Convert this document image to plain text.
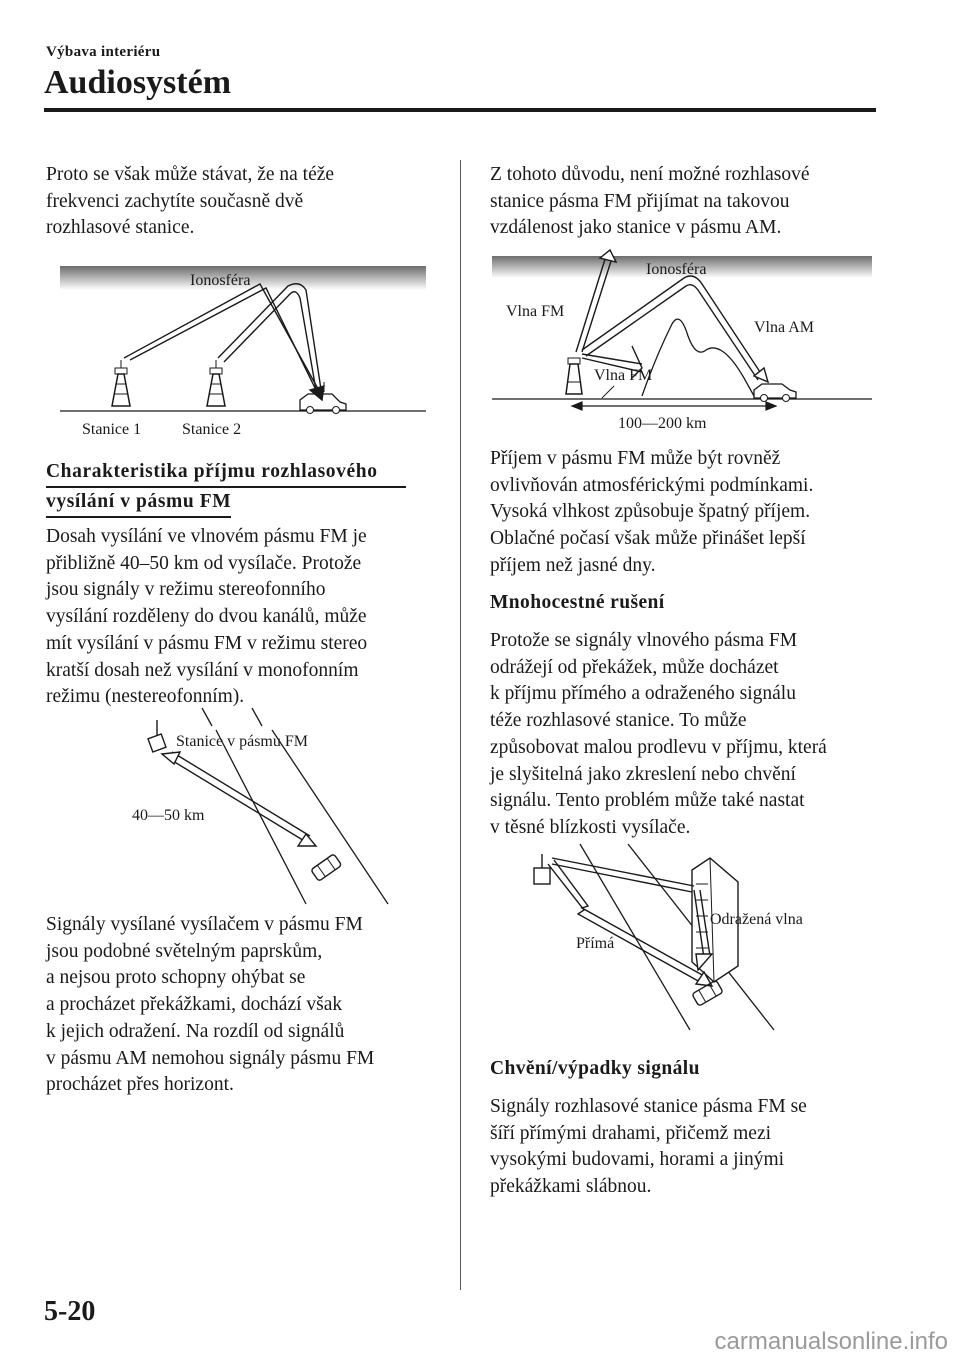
Výbava interiéru
Audiosystém

Proto se však může stávat, že na téže
frekvenci zachytíte současně dvě
rozhlasové stanice.

Ionosféra
Stanice 1	Stanice 2
Charakteristika příjmu rozhlasového
vysílání v pásmu FM

Dosah vysílání ve vlnovém pásmu FM je
přibližně 40–50 km od vysílače. Protože
jsou signály v režimu stereofonního
vysílání rozděleny do dvou kanálů, může
mít vysílání v pásmu FM v režimu stereo
kratší dosah než vysílání v monofonním
režimu (nestereofonním).

Stanice v pásmu FM
40—50 km

Signály vysílané vysílačem v pásmu FM
jsou podobné světelným paprskům,
a nejsou proto schopny ohýbat se
a procházet překážkami, dochází však
k jejich odražení. Na rozdíl od signálů
v pásmu AM nemohou signály pásmu FM
procházet přes horizont.

Z tohoto důvodu, není možné rozhlasové
stanice pásma FM přijímat na takovou
vzdálenost jako stanice v pásmu AM.

Ionosféra
Vlna FM
Vlna AM
Vlna FM
100—200 km

Příjem v pásmu FM může být rovněž
ovlivňován atmosférickými podmínkami.
Vysoká vlhkost způsobuje špatný příjem.
Oblačné počasí však může přinášet lepší
příjem než jasné dny.

Mnohocestné rušení

Protože se signály vlnového pásma FM
odrážejí od překážek, může docházet
k příjmu přímého a odraženého signálu
téže rozhlasové stanice. To může
způsobovat malou prodlevu v příjmu, která
je slyšitelná jako zkreslení nebo chvění
signálu. Tento problém může také nastat
v těsné blízkosti vysílače.

Odražená vlna
Přímá

Chvění/výpadky signálu

Signály rozhlasové stanice pásma FM se
šíří přímými drahami, přičemž mezi
vysokými budovami, horami a jinými
překážkami slábnou.

5-20
carmanualsonline.info
